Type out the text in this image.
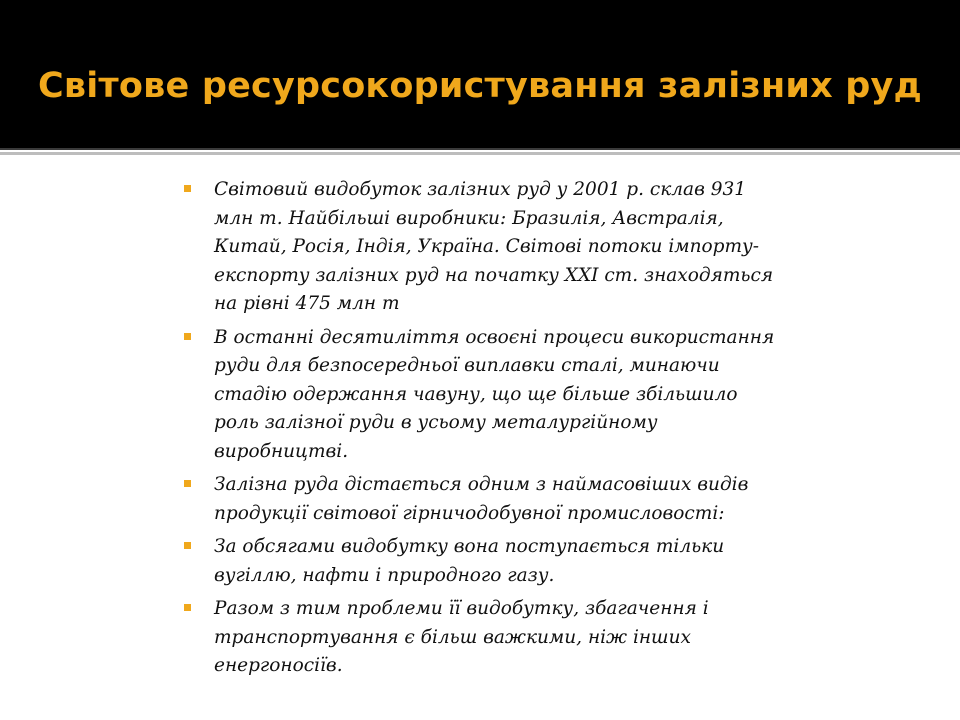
Світове ресурсокористування залізних руд
Світовий видобуток залізних руд у 2001 р. склав 931 млн т. Найбільші виробники: Бразилія, Австралія, Китай, Росія, Індія, Україна. Світові потоки імпорту-експорту залізних руд на початку XXI ст. знаходяться на рівні 475 млн т
В останні десятиліття освоєні процеси використання руди для безпосередньої виплавки сталі, минаючи стадію одержання чавуну, що ще більше збільшило роль залізної руди в усьому металургійному виробництві.
Залізна руда дістається одним з наймасовіших видів продукції світової гірничодобувної промисловості:
За обсягами видобутку вона поступається тільки вугіллю, нафти і природного газу.
Разом з тим проблеми її видобутку, збагачення і транспортування є більш важкими, ніж інших енергоносіїв.
